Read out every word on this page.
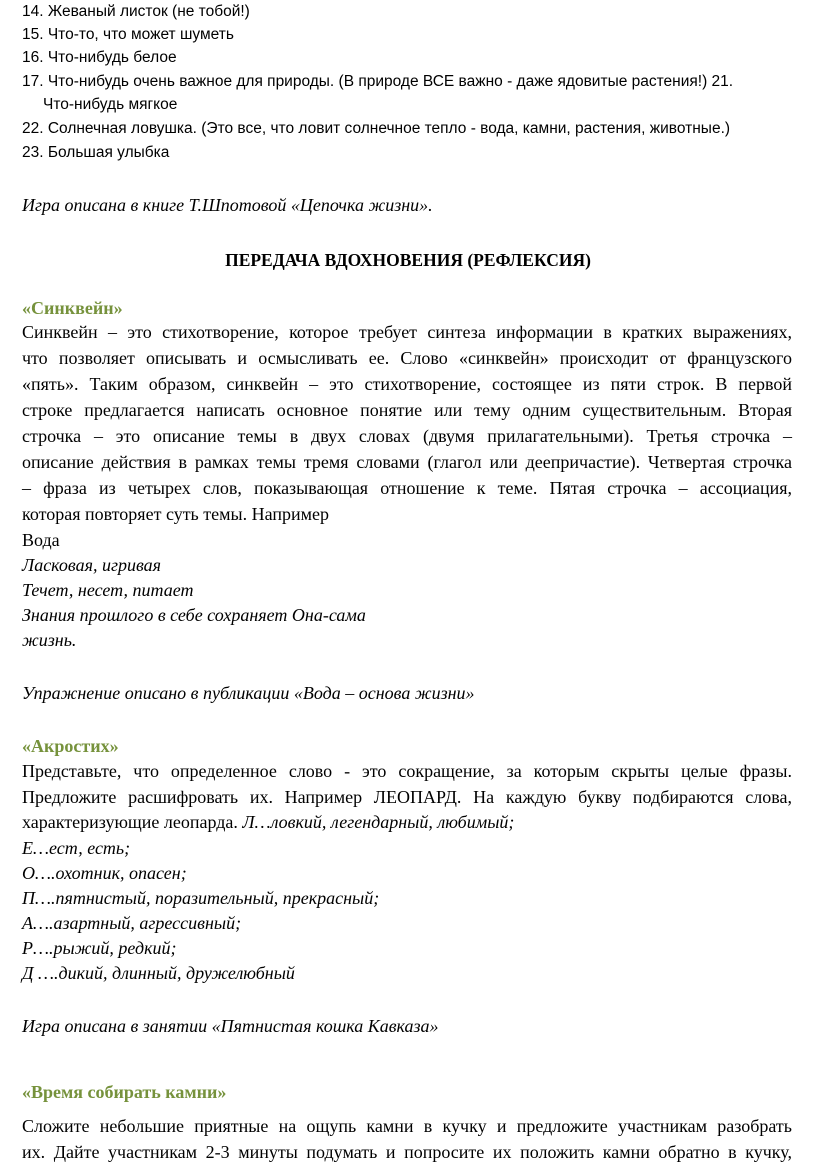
14. Жеваный листок (не тобой!)

15. Что-то, что может шуметь

16. Что-нибудь белое

17. Что-нибудь очень важное для природы. (В природе ВСЕ важно - даже ядовитые растения!) 21.

Что-нибудь мягкое

22. Солнечная ловушка. (Это все, что ловит солнечное тепло - вода, камни, растения, животные.)

23. Большая улыбка

Игра описана в книге Т.Шпотовой «Цепочка жизни».

ПЕРЕДАЧА ВДОХНОВЕНИЯ (РЕФЛЕКСИЯ)

«Синквейн»

Синквейн – это стихотворение, которое требует синтеза информации в кратких выражениях,

что позволяет описывать и осмысливать ее. Слово «синквейн» происходит от французского

«пять». Таким образом, синквейн – это стихотворение, состоящее из пяти строк. В первой

строке предлагается написать основное понятие или тему одним существительным. Вторая

строчка – это описание темы в двух словах (двумя прилагательными). Третья строчка –

описание действия в рамках темы тремя словами (глагол или деепричастие). Четвертая строчка

– фраза из четырех слов, показывающая отношение к теме. Пятая строчка – ассоциация,

которая повторяет суть темы. Например

Вода

Ласковая, игривая

Течет, несет, питает

Знания прошлого в себе сохраняет Она-сама

жизнь.

Упражнение описано в публикации «Вода – основа жизни»

«Акростих»

Представьте, что определенное слово - это сокращение, за которым скрыты целые фразы.

Предложите расшифровать их. Например ЛЕОПАРД. На каждую букву подбираются слова,

характеризующие леопарда. Л…ловкий, легендарный, любимый;

Е…ест, есть;

О….охотник, опасен;

П….пятнистый, поразительный, прекрасный;

А….азартный, агрессивный;

Р….рыжий, редкий;

Д ….дикий, длинный, дружелюбный

Игра описана в занятии «Пятнистая кошка Кавказа»

«Время собирать камни»

Сложите небольшие приятные на ощупь камни в кучку и предложите участникам разобрать

их. Дайте участникам 2-3 минуты подумать и попросите их положить камни обратно в кучку,
